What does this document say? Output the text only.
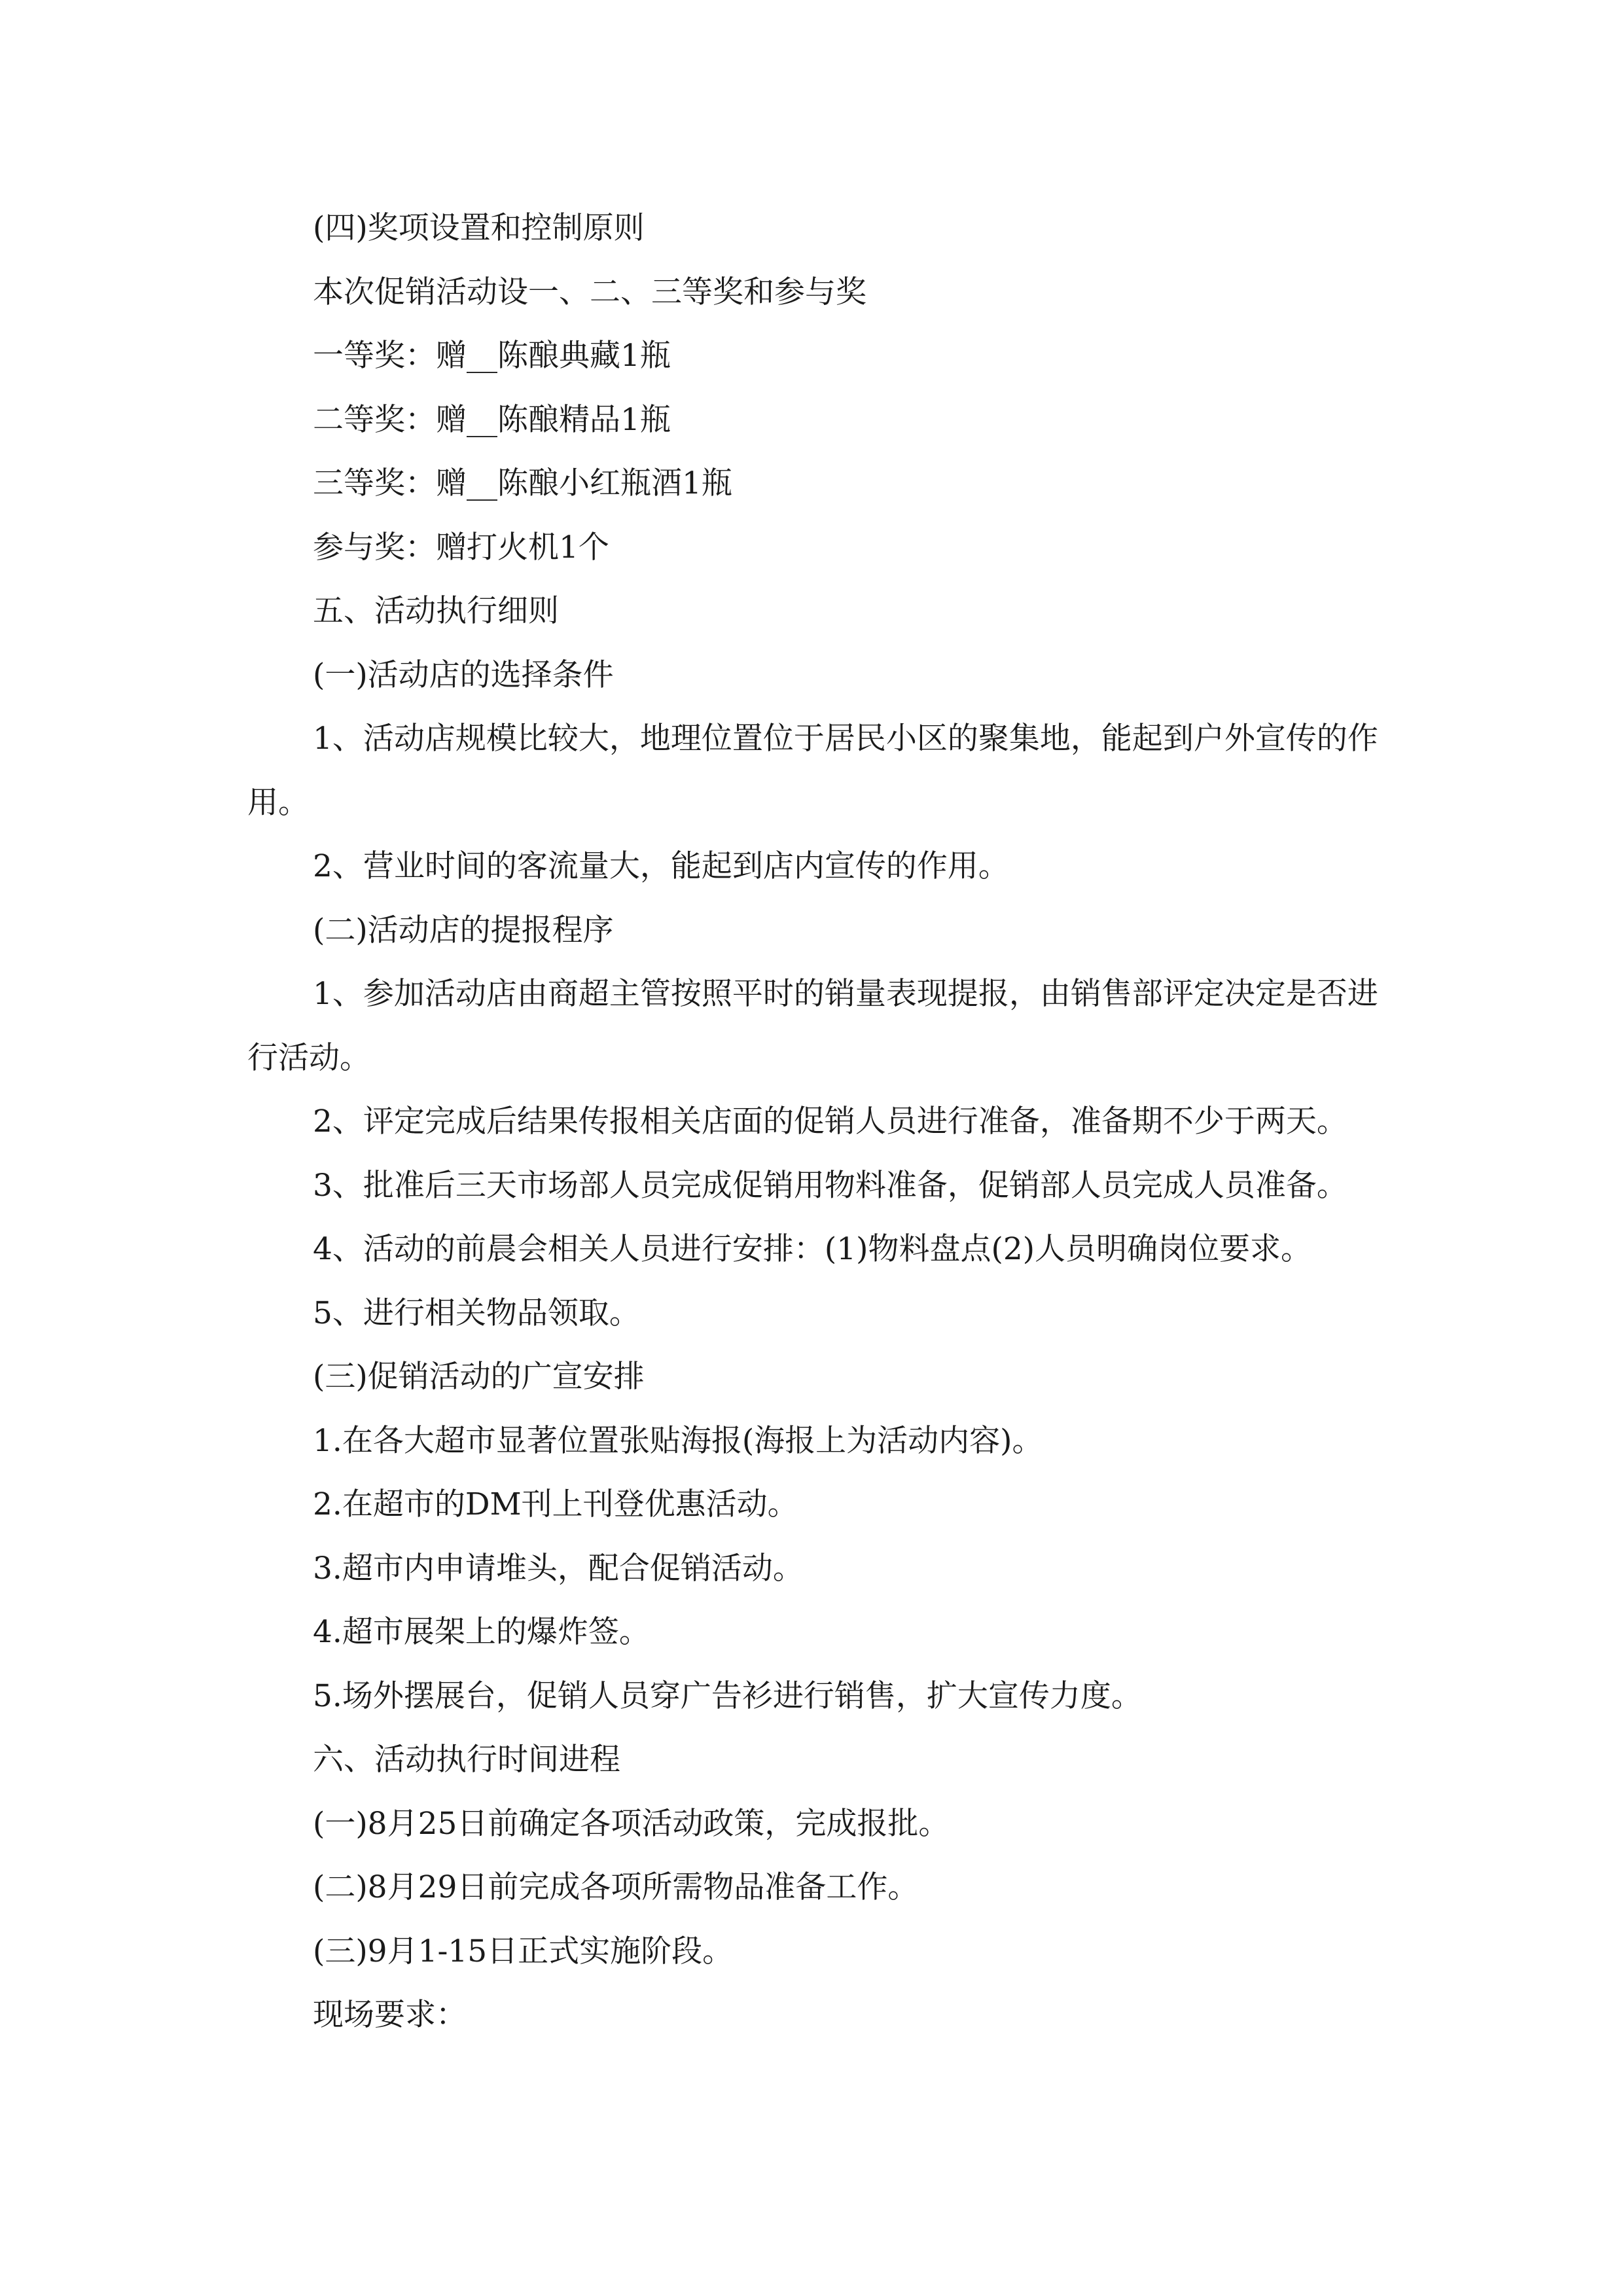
(四)奖项设置和控制原则

本次促销活动设一、二、三等奖和参与奖

一等奖：赠__陈酿典藏1瓶

二等奖：赠__陈酿精品1瓶

三等奖：赠__陈酿小红瓶酒1瓶

参与奖：赠打火机1个

五、活动执行细则

(一)活动店的选择条件

1、活动店规模比较大，地理位置位于居民小区的聚集地，能起到户外宣传的作用。

2、营业时间的客流量大，能起到店内宣传的作用。

(二)活动店的提报程序

1、参加活动店由商超主管按照平时的销量表现提报，由销售部评定决定是否进行活动。

2、评定完成后结果传报相关店面的促销人员进行准备，准备期不少于两天。

3、批准后三天市场部人员完成促销用物料准备，促销部人员完成人员准备。

4、活动的前晨会相关人员进行安排：(1)物料盘点(2)人员明确岗位要求。

5、进行相关物品领取。

(三)促销活动的广宣安排

1.在各大超市显著位置张贴海报(海报上为活动内容)。

2.在超市的DM刊上刊登优惠活动。

3.超市内申请堆头，配合促销活动。

4.超市展架上的爆炸签。

5.场外摆展台，促销人员穿广告衫进行销售，扩大宣传力度。

六、活动执行时间进程

(一)8月25日前确定各项活动政策，完成报批。

(二)8月29日前完成各项所需物品准备工作。

(三)9月1-15日正式实施阶段。

现场要求：
